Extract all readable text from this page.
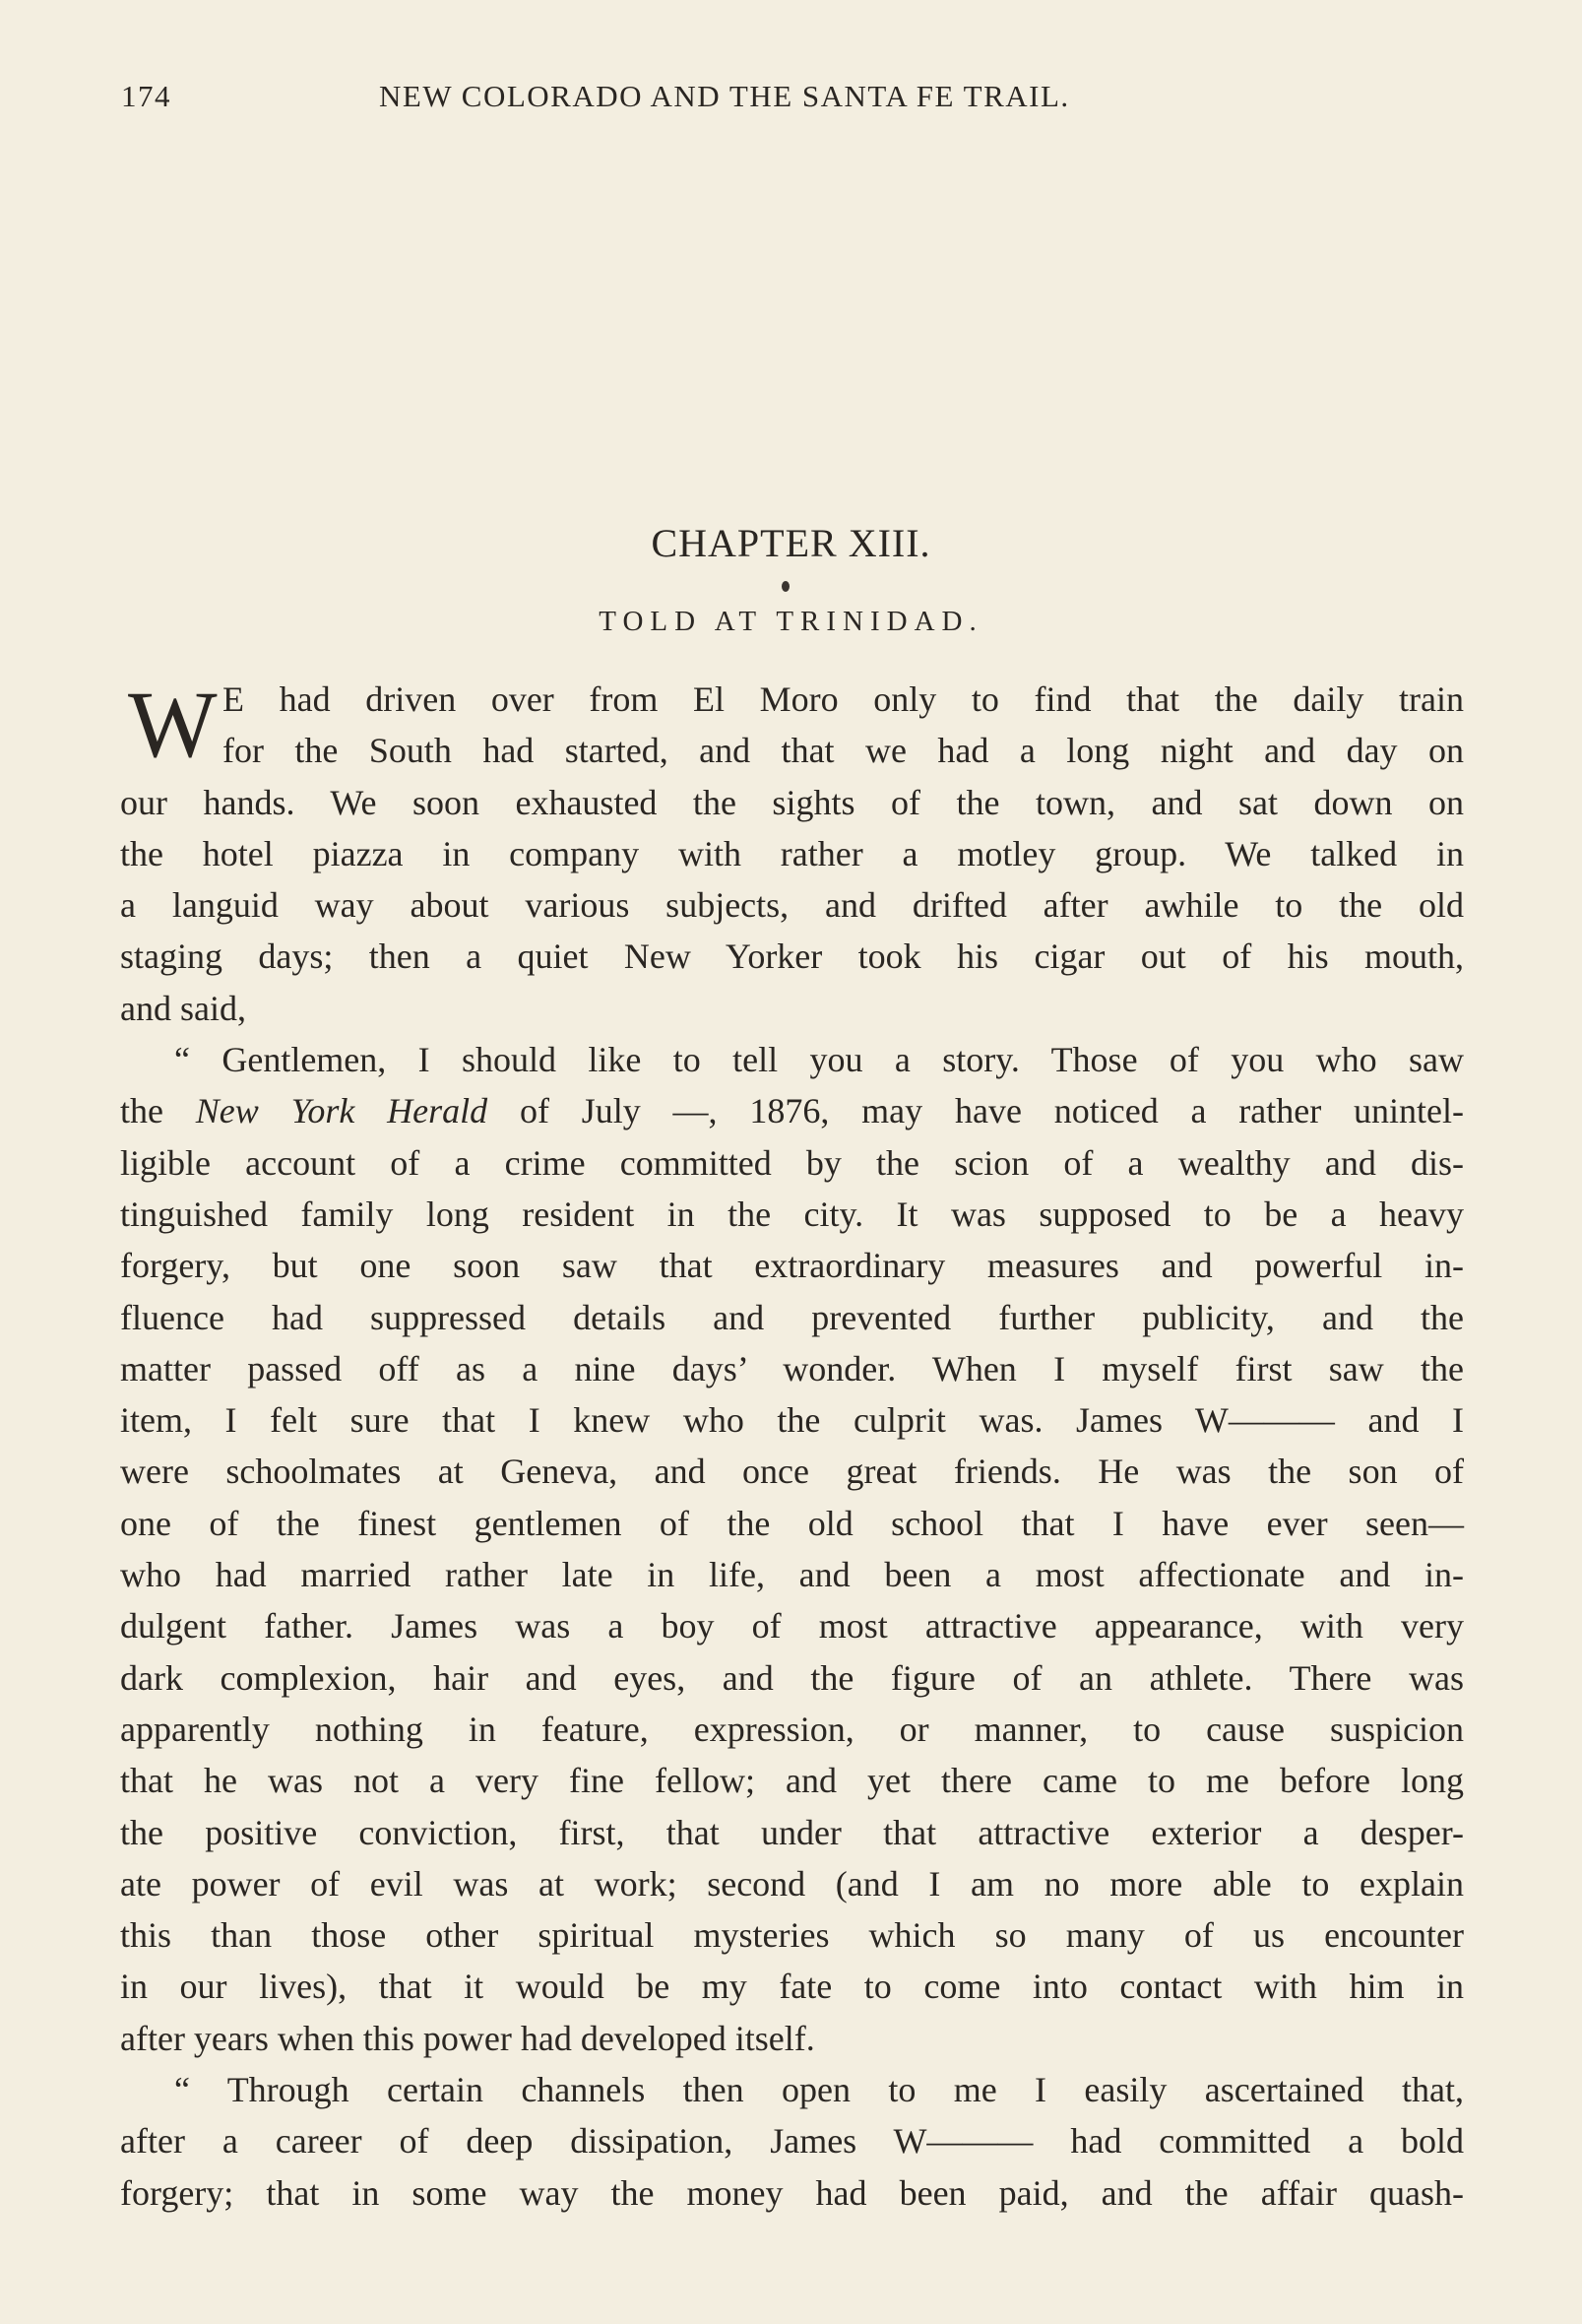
174	NEW COLORADO AND THE SANTA FE TRAIL.
CHAPTER XIII.
TOLD AT TRINIDAD.
W E had driven over from El Moro only to find that the daily train
for the South had started, and that we had a long night and day on
our hands. We soon exhausted the sights of the town, and sat down on
the hotel piazza in company with rather a motley group. We talked in
a languid way about various subjects, and drifted after awhile to the old
staging days; then a quiet New Yorker took his cigar out of his mouth,
and said,
“ Gentlemen, I should like to tell you a story. Those of you who saw
the New York Herald of July —, 1876, may have noticed a rather unintel-
ligible account of a crime committed by the scion of a wealthy and dis-
tinguished family long resident in the city. It was supposed to be a heavy
forgery, but one soon saw that extraordinary measures and powerful in-
fluence had suppressed details and prevented further publicity, and the
matter passed off as a nine days’ wonder. When I myself first saw the
item, I felt sure that I knew who the culprit was. James W——— and I
were schoolmates at Geneva, and once great friends. He was the son of
one of the finest gentlemen of the old school that I have ever seen—
who had married rather late in life, and been a most affectionate and in-
dulgent father. James was a boy of most attractive appearance, with very
dark complexion, hair and eyes, and the figure of an athlete. There was
apparently nothing in feature, expression, or manner, to cause suspicion
that he was not a very fine fellow; and yet there came to me before long
the positive conviction, first, that under that attractive exterior a desper-
ate power of evil was at work; second (and I am no more able to explain
this than those other spiritual mysteries which so many of us encounter
in our lives), that it would be my fate to come into contact with him in
after years when this power had developed itself.
“ Through certain channels then open to me I easily ascertained that,
after a career of deep dissipation, James W——— had committed a bold
forgery; that in some way the money had been paid, and the affair quash-
